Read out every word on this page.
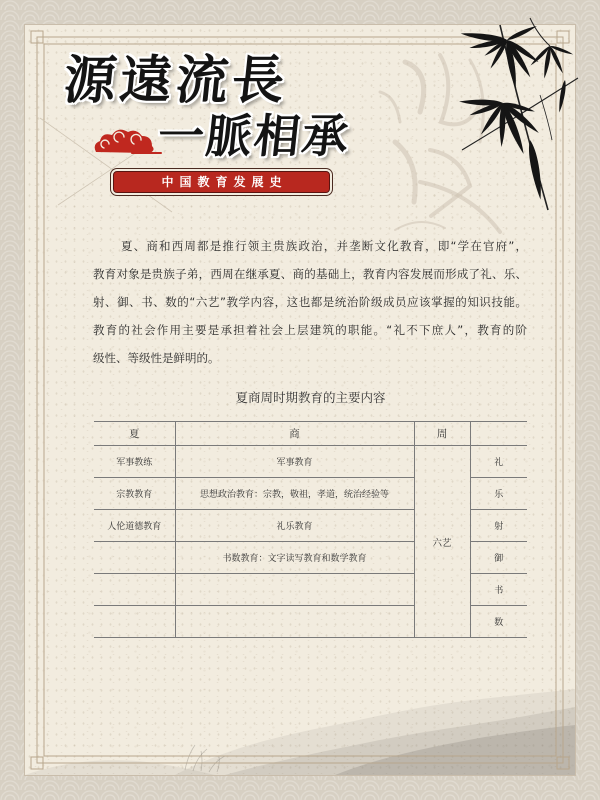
源遠流長
一脈相承
中国教育发展史
夏、商和西周都是推行领主贵族政治，并垄断文化教育，即“学在官府”，
教育对象是贵族子弟，西周在继承夏、商的基础上，教育内容发展而形成了礼、乐、
射、御、书、数的“六艺”教学内容，这也都是统治阶级成员应该掌握的知识技能。
教育的社会作用主要是承担着社会上层建筑的职能。“礼不下庶人”，教育的阶
级性、等级性是鲜明的。
夏商周时期教育的主要内容
夏	商	周	
军事教练	军事教育	六艺	礼
宗教教育	思想政治教育：宗教，敬祖，孝道，统治经验等		乐
人伦道德教育	礼乐教育		射
	书数教育：文字读写教育和数学教育		御
			书
			数
